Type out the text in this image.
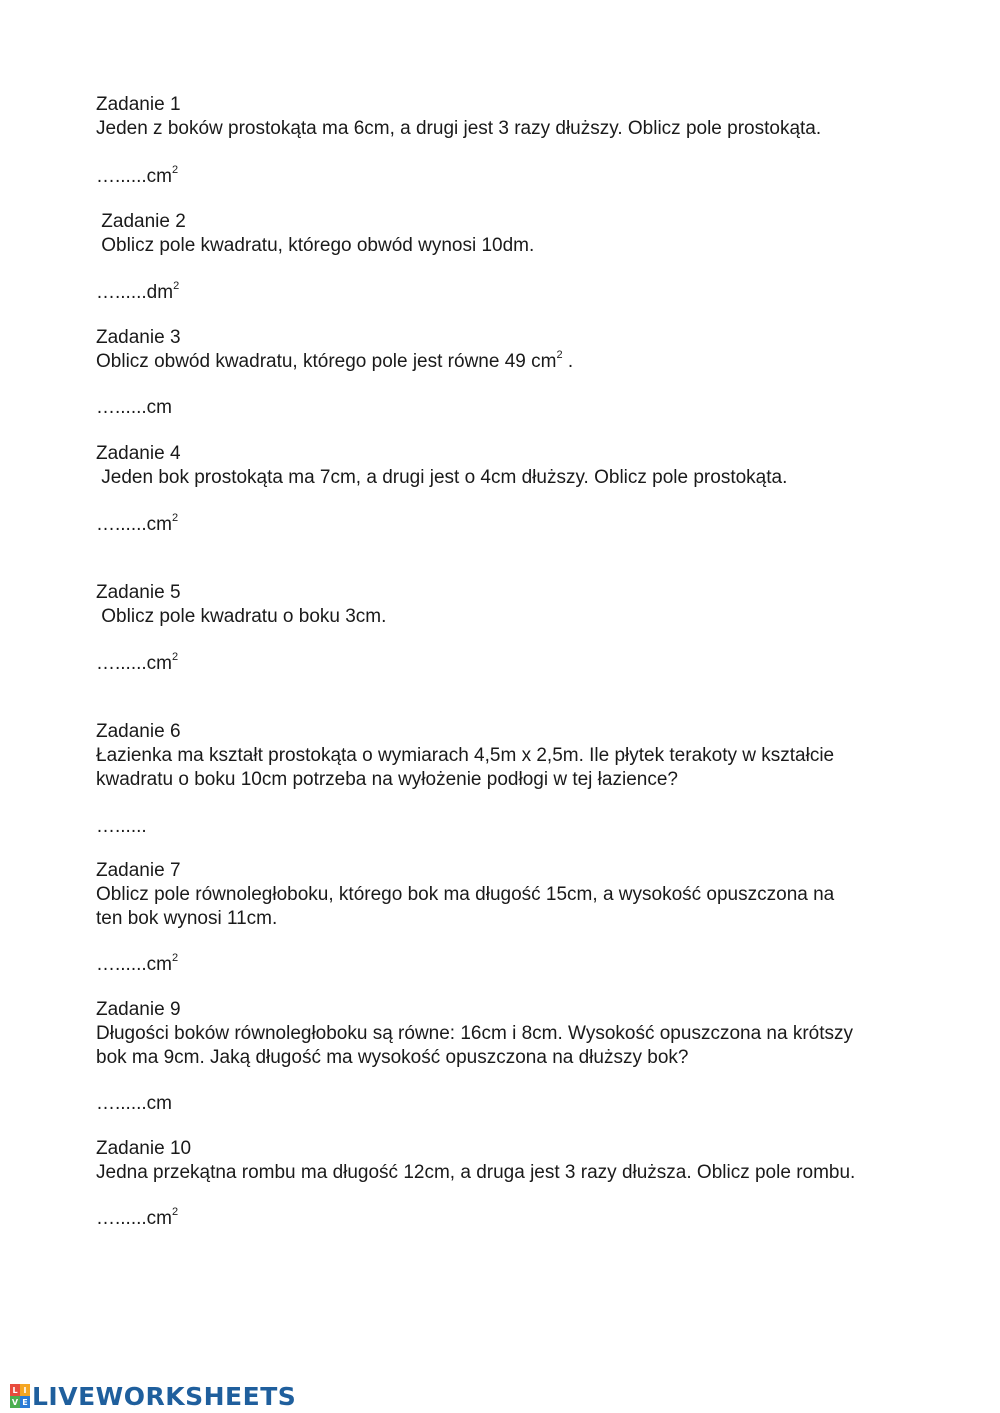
Zadanie 1

Jeden z boków prostokąta ma 6cm, a drugi jest 3 razy dłuższy. Oblicz pole prostokąta.

$\dots......cm^2$

Zadanie 2

Oblicz pole kwadratu, którego obwód wynosi 10dm.

$\dots......dm^2$

Zadanie 3

Oblicz obwód kwadratu, którego pole jest równe 49 $cm^2$ .

…......cm

Zadanie 4

Jeden bok prostokąta ma 7cm, a drugi jest o 4cm dłuższy. Oblicz pole prostokąta.

$\dots......cm^2$

Zadanie 5

Oblicz pole kwadratu o boku 3cm.

$\dots......cm^2$

Zadanie 6

Łazienka ma kształt prostokąta o wymiarach 4,5m x 2,5m. Ile płytek terakoty w kształcie

kwadratu o boku 10cm potrzeba na wyłożenie podłogi w tej łazience?

…......

Zadanie 7

Oblicz pole równoległoboku, którego bok ma długość 15cm, a wysokość opuszczona na

ten bok wynosi 11cm.

$\dots......cm^2$

Zadanie 9

Długości boków równoległoboku są równe: 16cm i 8cm. Wysokość opuszczona na krótszy

bok ma 9cm. Jaką długość ma wysokość opuszczona na dłuższy bok?

…......cm

Zadanie 10

Jedna przekątna rombu ma długość 12cm, a druga jest 3 razy dłuższa. Oblicz pole rombu.

$\dots......cm^2$

L I
V E LIVEWORKSHEETS
